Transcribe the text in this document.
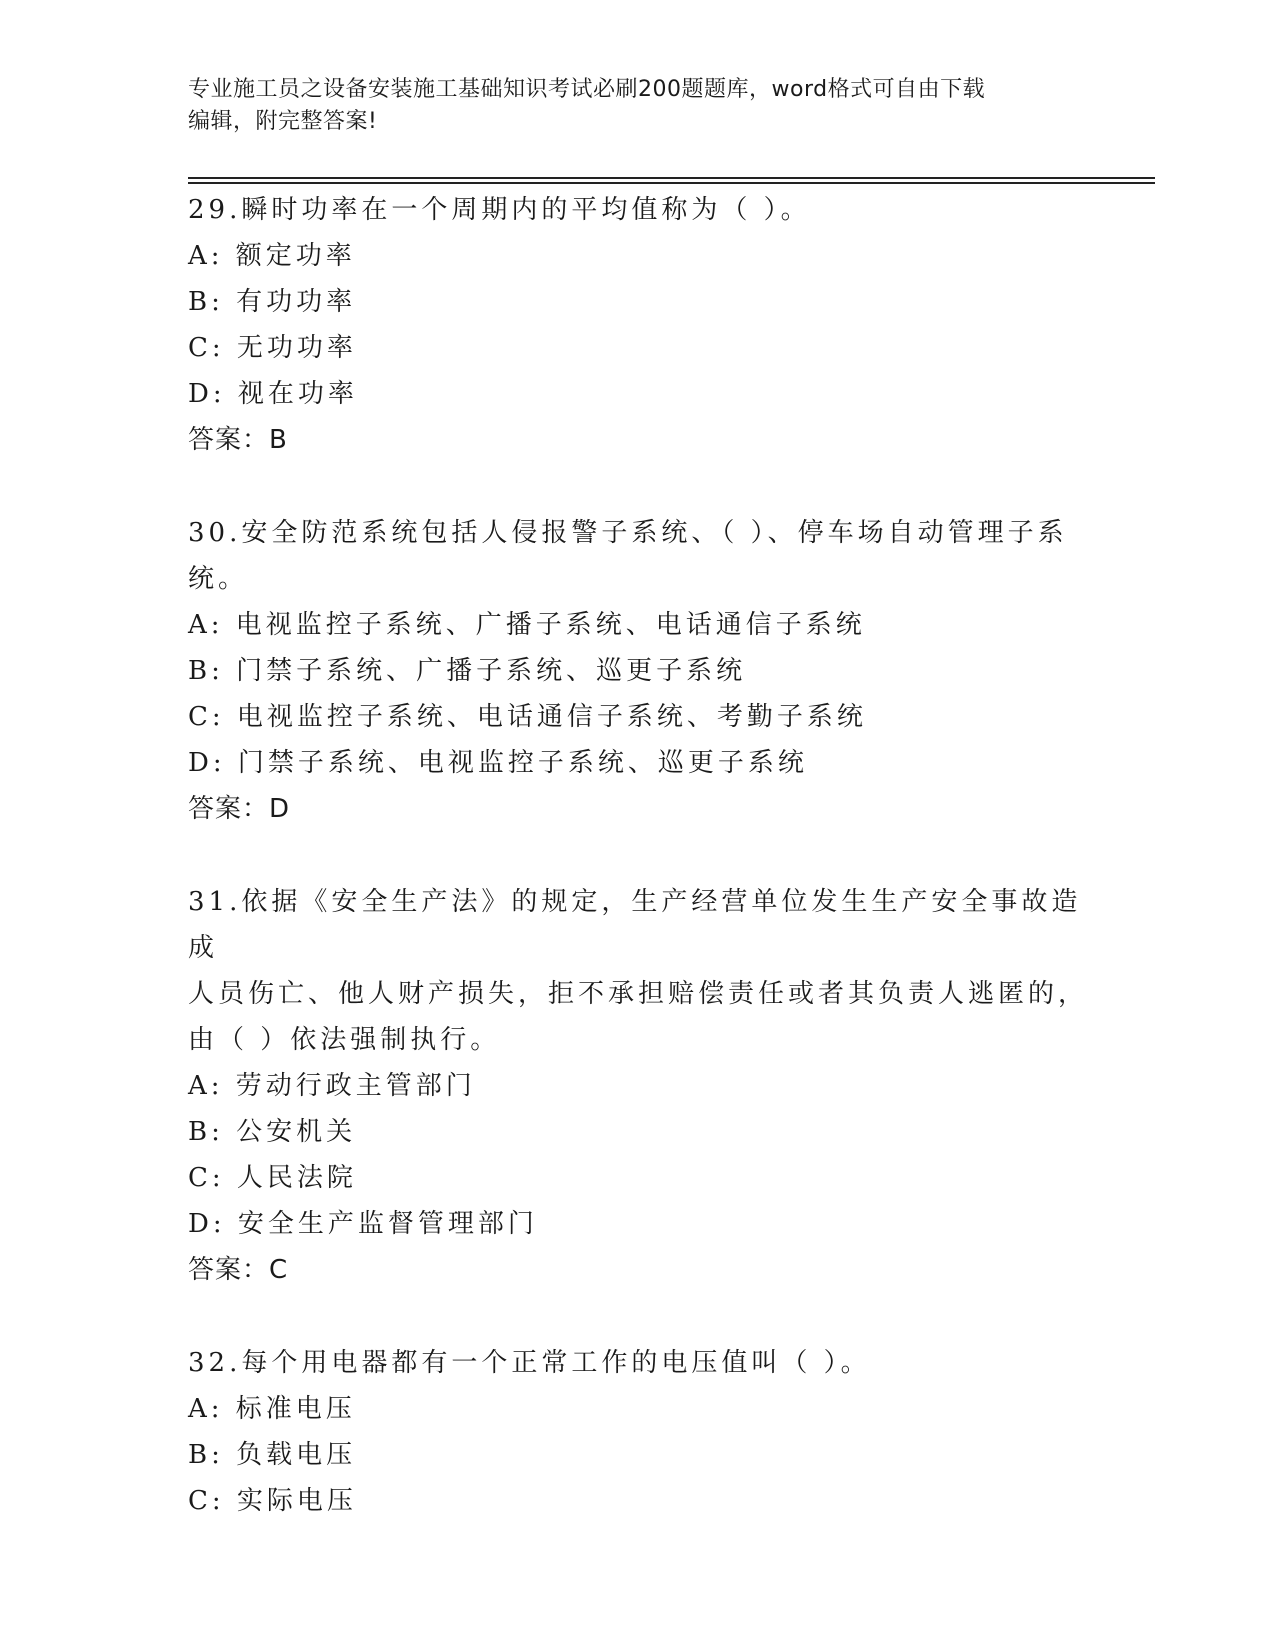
专业施工员之设备安装施工基础知识考试必刷200题题库，word格式可自由下载
编辑，附完整答案!
29.瞬时功率在一个周期内的平均值称为（ ）。
A: 额定功率
B: 有功功率
C: 无功功率
D: 视在功率
答案：B
30.安全防范系统包括人侵报警子系统、（ ）、停车场自动管理子系
统。
A: 电视监控子系统、广播子系统、电话通信子系统
B: 门禁子系统、广播子系统、巡更子系统
C: 电视监控子系统、电话通信子系统、考勤子系统
D: 门禁子系统、电视监控子系统、巡更子系统
答案：D
31.依据《安全生产法》的规定，生产经营单位发生生产安全事故造成
人员伤亡、他人财产损失，拒不承担赔偿责任或者其负责人逃匿的，
由（ ）依法强制执行。
A: 劳动行政主管部门
B: 公安机关
C: 人民法院
D: 安全生产监督管理部门
答案：C
32.每个用电器都有一个正常工作的电压值叫（ ）。
A: 标准电压
B: 负载电压
C: 实际电压
